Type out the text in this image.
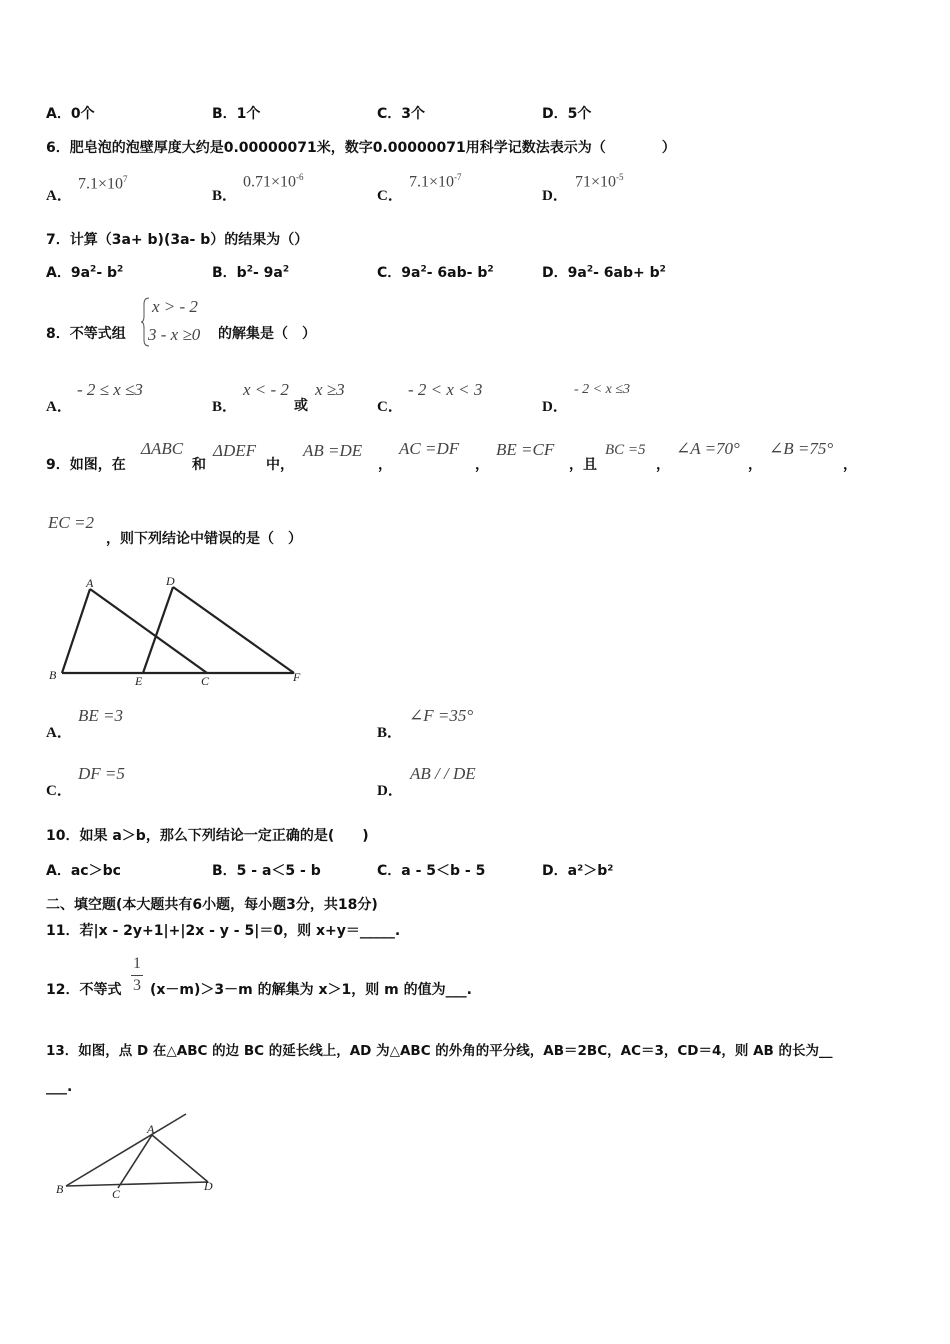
A．0个	B．1个	C．3个	D．5个
6．肥皂泡的泡壁厚度大约是0.00000071米，数字0.00000071用科学记数法表示为（　　　　）
A．
$7.1\times 10^7$
B．
$0.71\times 10^{-6}$
C．
$7.1\times 10^{-7}$
D．
$71\times 10^{-5}$
7．计算（3a+ b)(3a- b）的结果为（）
A．$9a^2-$ $b^2$	B．$b^2-$ $9a^2$	C．$9a^2-$ 6ab- $b^2$	D．$9a^2-$ $6ab+ b^2$
8．不等式组
x > - 2
3 - x ≥0 的解集是（　）
A．
- 2 ≤ x ≤3
B．
x < - 2
或
x ≥3
C．
- 2 < x < 3
D．
- 2 < x ≤3
9．如图，在
ΔABC
和
ΔDEF
中，
AB =DE
，
AC =DF
，
BE =CF
，且
BC =5
，
∠A =70°
，
∠B =75°
，
EC =2
，则下列结论中错误的是（　）
A	D
B	E	C	F
A．
BE =3
B．
∠F =35°
C．
DF =5
D．
AB / / DE
10．如果 a＞b，那么下列结论一定正确的是(　　)
A．ac＞bc	B．5 - a＜5 - b	C．a - 5＜b - 5	D．a²＞b²
二、填空题(本大题共有6小题，每小题3分，共18分)
11．若|x - 2y+1|+|2x - y - 5|＝0，则 x+y＝_____.
12．不等式
1
3 (x－m)＞3－m 的解集为 x＞1，则 m 的值为___.
13．如图，点 D 在△ABC 的边 BC 的延长线上，AD 为△ABC 的外角的平分线，AB＝2BC，AC＝3，CD＝4，则 AB 的长为__
___.
A
B	C
D
